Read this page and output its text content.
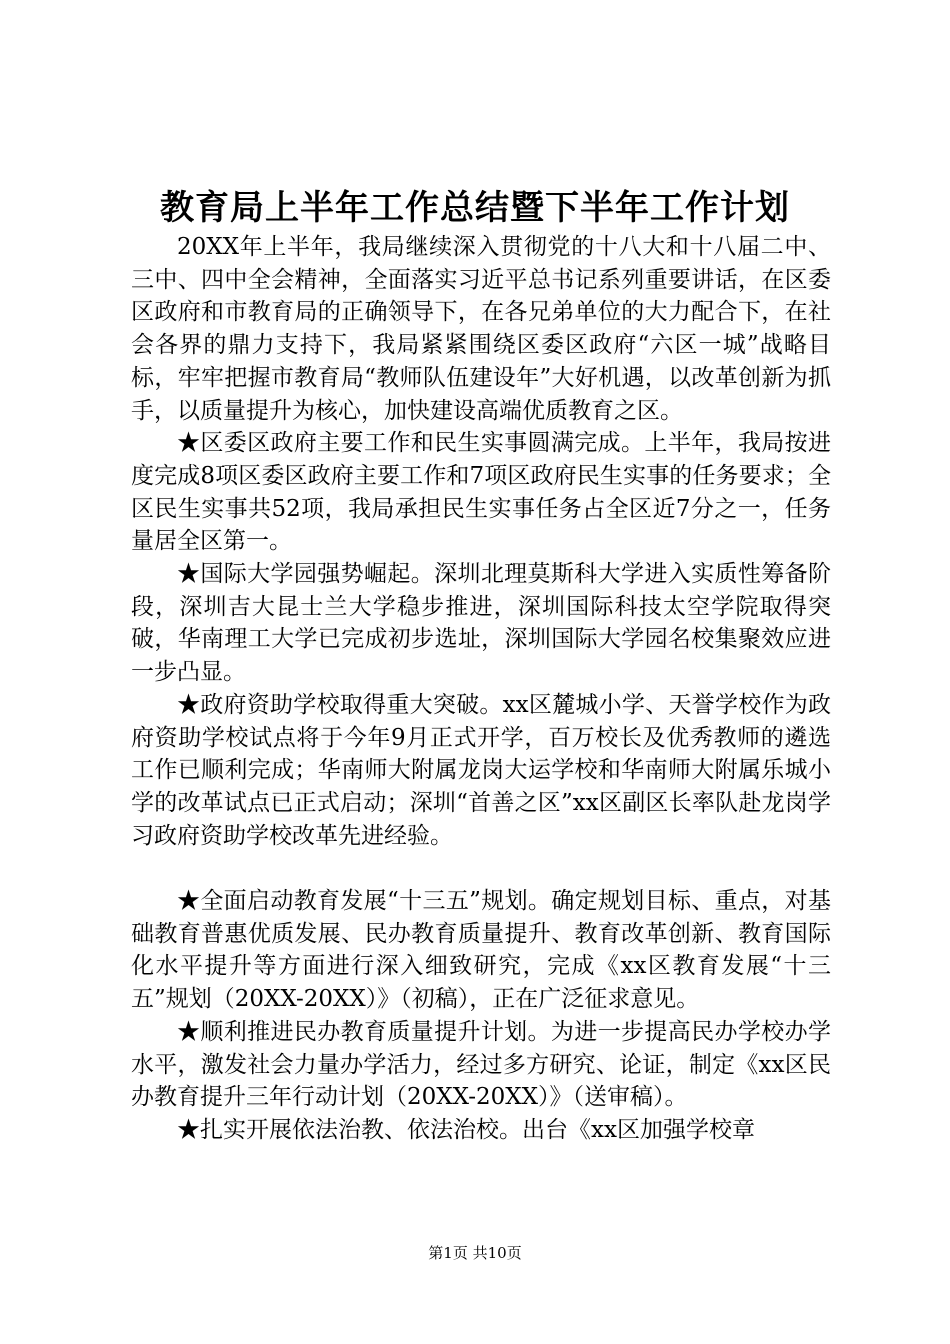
教育局上半年工作总结暨下半年工作计划

20XX年上半年，我局继续深入贯彻党的十八大和十八届二中、三中、四中全会精神，全面落实习近平总书记系列重要讲话，在区委区政府和市教育局的正确领导下，在各兄弟单位的大力配合下，在社会各界的鼎力支持下，我局紧紧围绕区委区政府“六区一城”战略目标，牢牢把握市教育局“教师队伍建设年”大好机遇，以改革创新为抓手，以质量提升为核心，加快建设高端优质教育之区。

★区委区政府主要工作和民生实事圆满完成。上半年，我局按进度完成8项区委区政府主要工作和7项区政府民生实事的任务要求；全区民生实事共52项，我局承担民生实事任务占全区近7分之一，任务量居全区第一。

★国际大学园强势崛起。深圳北理莫斯科大学进入实质性筹备阶段，深圳吉大昆士兰大学稳步推进，深圳国际科技太空学院取得突破，华南理工大学已完成初步选址，深圳国际大学园名校集聚效应进一步凸显。

★政府资助学校取得重大突破。xx区麓城小学、天誉学校作为政府资助学校试点将于今年9月正式开学，百万校长及优秀教师的遴选工作已顺利完成；华南师大附属龙岗大运学校和华南师大附属乐城小学的改革试点已正式启动；深圳“首善之区”xx区副区长率队赴龙岗学习政府资助学校改革先进经验。

★全面启动教育发展“十三五”规划。确定规划目标、重点，对基础教育普惠优质发展、民办教育质量提升、教育改革创新、教育国际化水平提升等方面进行深入细致研究，完成《xx区教育发展“十三五”规划（20XX-20XX）》（初稿），正在广泛征求意见。

★顺利推进民办教育质量提升计划。为进一步提高民办学校办学水平，激发社会力量办学活力，经过多方研究、论证，制定《xx区民办教育提升三年行动计划（20XX-20XX）》（送审稿）。

★扎实开展依法治教、依法治校。出台《xx区加强学校章

第1页 共10页
